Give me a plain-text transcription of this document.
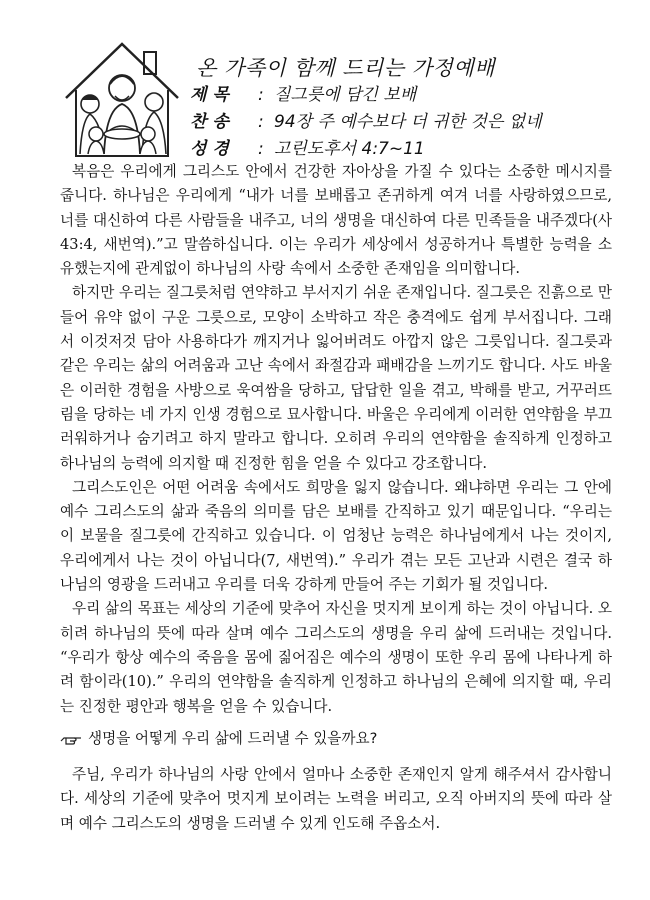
온 가족이 함께 드리는 가정예배
제 목	: 질그릇에 담긴 보배
찬 송	: 94장 주 예수보다 더 귀한 것은 없네
성 경	: 고린도후서 4:7~11

복음은 우리에게 그리스도 안에서 건강한 자아상을 가질 수 있다는 소중한 메시지를 줍니다. 하나님은 우리에게 “내가 너를 보배롭고 존귀하게 여겨 너를 사랑하였으므로, 너를 대신하여 다른 사람들을 내주고, 너의 생명을 대신하여 다른 민족들을 내주겠다(사 43:4, 새번역).”고 말씀하십니다. 이는 우리가 세상에서 성공하거나 특별한 능력을 소유했는지에 관계없이 하나님의 사랑 속에서 소중한 존재임을 의미합니다.

하지만 우리는 질그릇처럼 연약하고 부서지기 쉬운 존재입니다. 질그릇은 진흙으로 만들어 유약 없이 구운 그릇으로, 모양이 소박하고 작은 충격에도 쉽게 부서집니다. 그래서 이것저것 담아 사용하다가 깨지거나 잃어버려도 아깝지 않은 그릇입니다. 질그릇과 같은 우리는 삶의 어려움과 고난 속에서 좌절감과 패배감을 느끼기도 합니다. 사도 바울은 이러한 경험을 사방으로 욱여쌈을 당하고, 답답한 일을 겪고, 박해를 받고, 거꾸러뜨림을 당하는 네 가지 인생 경험으로 묘사합니다. 바울은 우리에게 이러한 연약함을 부끄러워하거나 숨기려고 하지 말라고 합니다. 오히려 우리의 연약함을 솔직하게 인정하고 하나님의 능력에 의지할 때 진정한 힘을 얻을 수 있다고 강조합니다.

그리스도인은 어떤 어려움 속에서도 희망을 잃지 않습니다. 왜냐하면 우리는 그 안에 예수 그리스도의 삶과 죽음의 의미를 담은 보배를 간직하고 있기 때문입니다. “우리는 이 보물을 질그릇에 간직하고 있습니다. 이 엄청난 능력은 하나님에게서 나는 것이지, 우리에게서 나는 것이 아닙니다(7, 새번역).” 우리가 겪는 모든 고난과 시련은 결국 하나님의 영광을 드러내고 우리를 더욱 강하게 만들어 주는 기회가 될 것입니다.

우리 삶의 목표는 세상의 기준에 맞추어 자신을 멋지게 보이게 하는 것이 아닙니다. 오히려 하나님의 뜻에 따라 살며 예수 그리스도의 생명을 우리 삶에 드러내는 것입니다. “우리가 항상 예수의 죽음을 몸에 짊어짐은 예수의 생명이 또한 우리 몸에 나타나게 하려 함이라(10).” 우리의 연약함을 솔직하게 인정하고 하나님의 은혜에 의지할 때, 우리는 진정한 평안과 행복을 얻을 수 있습니다.

생명을 어떻게 우리 삶에 드러낼 수 있을까요?

주님, 우리가 하나님의 사랑 안에서 얼마나 소중한 존재인지 알게 해주셔서 감사합니다. 세상의 기준에 맞추어 멋지게 보이려는 노력을 버리고, 오직 아버지의 뜻에 따라 살며 예수 그리스도의 생명을 드러낼 수 있게 인도해 주옵소서.
